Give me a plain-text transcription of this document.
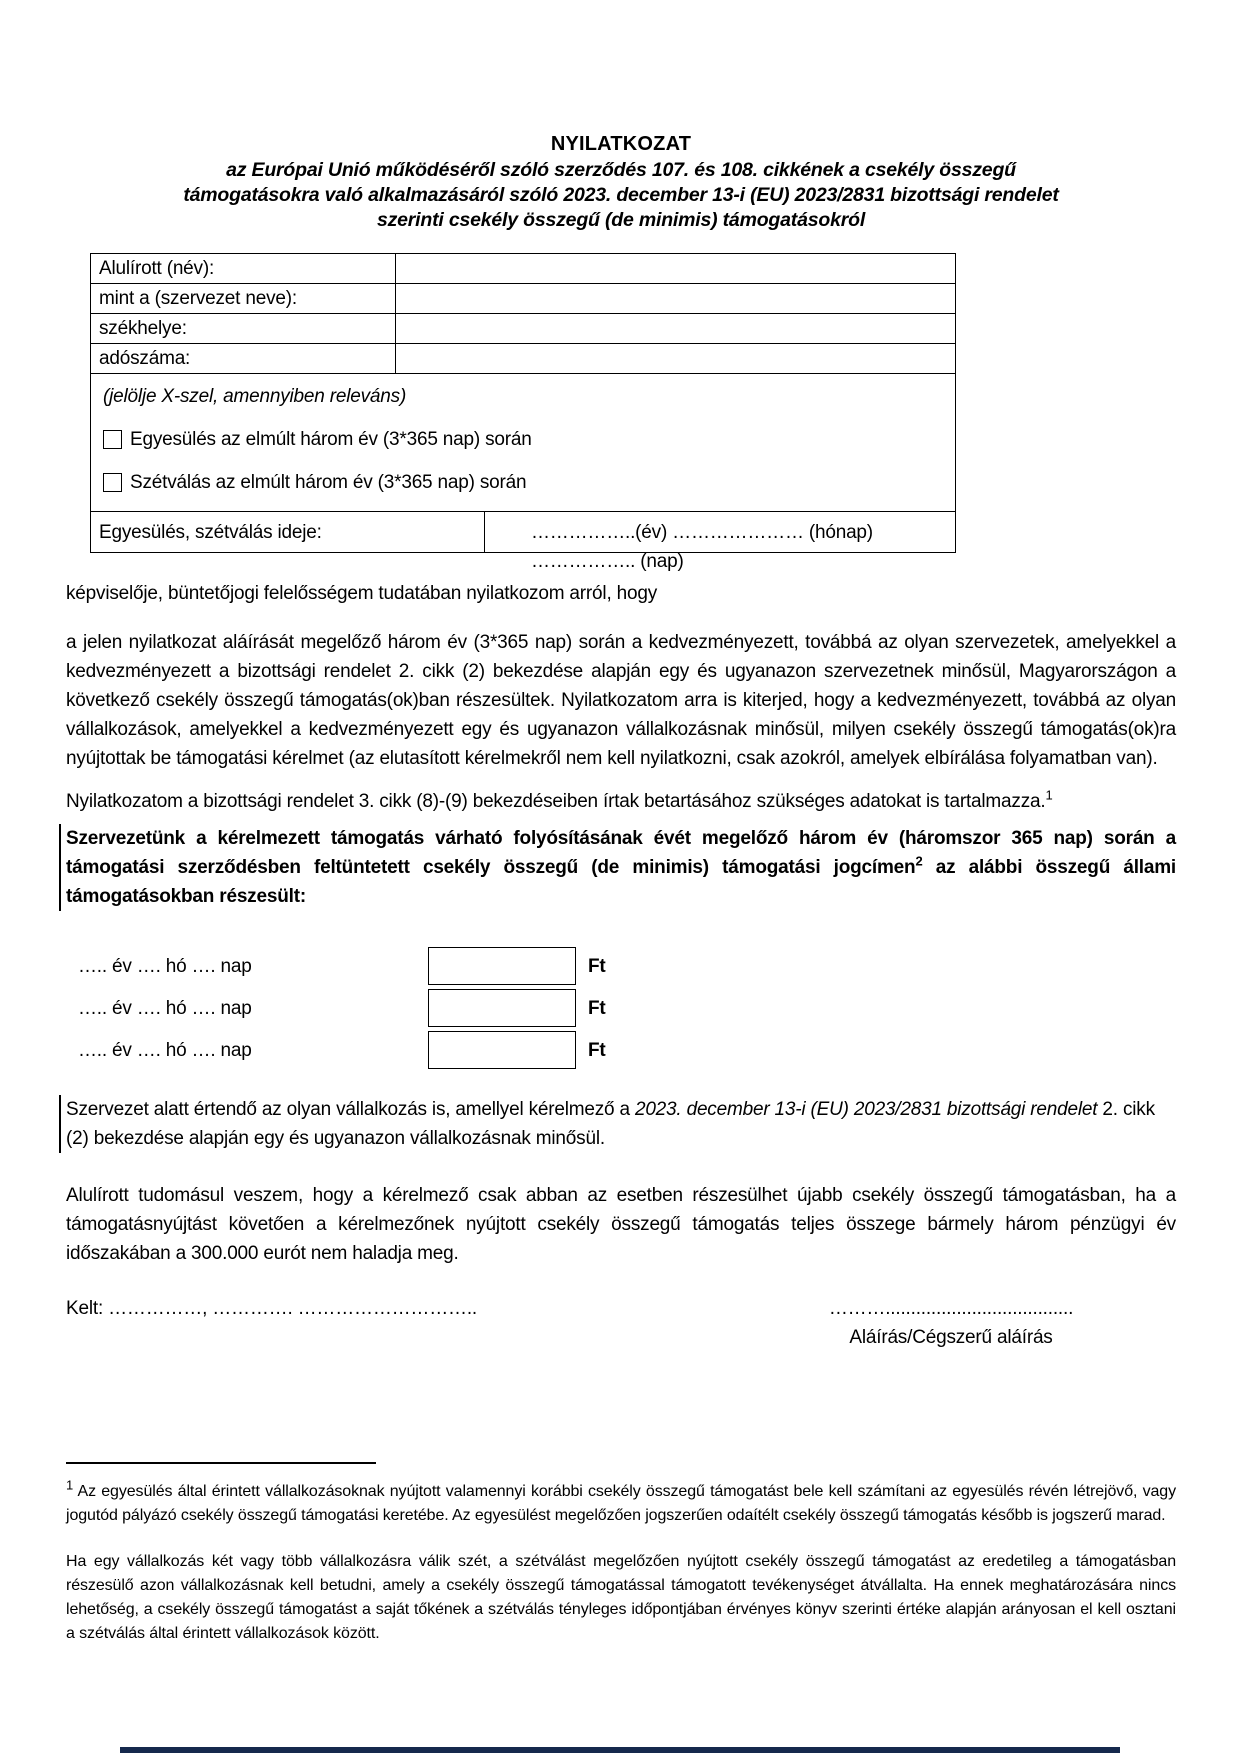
NYILATKOZAT
az Európai Unió működéséről szóló szerződés 107. és 108. cikkének a csekély összegű támogatásokra való alkalmazásáról szóló 2023. december 13-i (EU) 2023/2831 bizottsági rendelet szerinti csekély összegű (de minimis) támogatásokról
Alulírott (név):
mint a (szervezet neve):
székhelye:
adószáma:
(jelölje X-szel, amennyiben releváns)
Egyesülés az elmúlt három év (3*365 nap) során
Szétválás az elmúlt három év (3*365 nap) során
Egyesülés, szétválás ideje:	……………..(év) ………………… (hónap) …………….. (nap)

képviselője, büntetőjogi felelősségem tudatában nyilatkozom arról, hogy

a jelen nyilatkozat aláírását megelőző három év (3*365 nap) során a kedvezményezett, továbbá az olyan szervezetek, amelyekkel a kedvezményezett a bizottsági rendelet 2. cikk (2) bekezdése alapján egy és ugyanazon szervezetnek minősül, Magyarországon a következő csekély összegű támogatás(ok)ban részesültek. Nyilatkozatom arra is kiterjed, hogy a kedvezményezett, továbbá az olyan vállalkozások, amelyekkel a kedvezményezett egy és ugyanazon vállalkozásnak minősül, milyen csekély összegű támogatás(ok)ra nyújtottak be támogatási kérelmet (az elutasított kérelmekről nem kell nyilatkozni, csak azokról, amelyek elbírálása folyamatban van).

Nyilatkozatom a bizottsági rendelet 3. cikk (8)-(9) bekezdéseiben írtak betartásához szükséges adatokat is tartalmazza.$^1$

Szervezetünk a kérelmezett támogatás várható folyósításának évét megelőző három év (háromszor 365 nap) során a támogatási szerződésben feltüntetett csekély összegű (de minimis) támogatási jogcímen$^2$ az alábbi összegű állami támogatásokban részesült:

….. év …. hó …. nap	Ft
….. év …. hó …. nap	Ft
….. év …. hó …. nap	Ft

Szervezet alatt értendő az olyan vállalkozás is, amellyel kérelmező a 2023. december 13-i (EU) 2023/2831 bizottsági rendelet 2. cikk (2) bekezdése alapján egy és ugyanazon vállalkozásnak minősül.

Alulírott tudomásul veszem, hogy a kérelmező csak abban az esetben részesülhet újabb csekély összegű támogatásban, ha a támogatásnyújtást követően a kérelmezőnek nyújtott csekély összegű támogatás teljes összege bármely három pénzügyi év időszakában a 300.000 eurót nem haladja meg.

Kelt: ……………, …………. ………………………..	……….....................................
Aláírás/Cégszerű aláírás

$^1$ Az egyesülés által érintett vállalkozásoknak nyújtott valamennyi korábbi csekély összegű támogatást bele kell számítani az egyesülés révén létrejövő, vagy jogutód pályázó csekély összegű támogatási keretébe. Az egyesülést megelőzően jogszerűen odaítélt csekély összegű támogatás később is jogszerű marad.

Ha egy vállalkozás két vagy több vállalkozásra válik szét, a szétválást megelőzően nyújtott csekély összegű támogatást az eredetileg a támogatásban részesülő azon vállalkozásnak kell betudni, amely a csekély összegű támogatással támogatott tevékenységet átvállalta. Ha ennek meghatározására nincs lehetőség, a csekély összegű támogatást a saját tőkének a szétválás tényleges időpontjában érvényes könyv szerinti értéke alapján arányosan el kell osztani a szétválás által érintett vállalkozások között.
